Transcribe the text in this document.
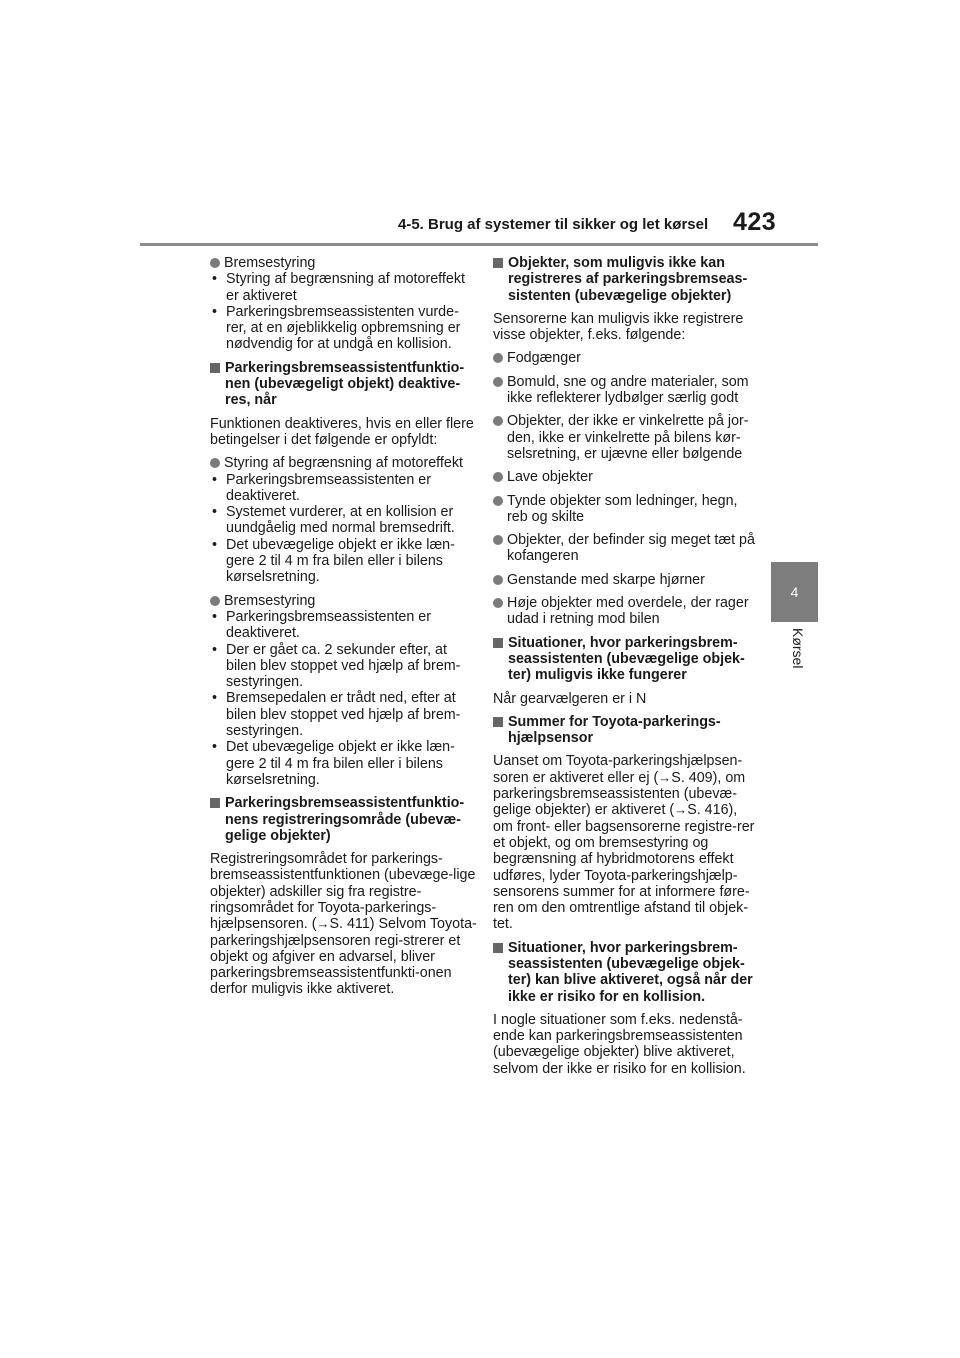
4-5. Brug af systemer til sikker og let kørsel 423
4
Kørsel
Bremsestyring
• Styring af begrænsning af motoreffekt er aktiveret
• Parkeringsbremseassistenten vurde-rer, at en øjeblikkelig opbremsning er nødvendig for at undgå en kollision.
Parkeringsbremseassistentfunktio-nen (ubevægeligt objekt) deaktive-res, når
Funktionen deaktiveres, hvis en eller flere betingelser i det følgende er opfyldt:
Styring af begrænsning af motoreffekt
• Parkeringsbremseassistenten er deaktiveret.
• Systemet vurderer, at en kollision er uundgåelig med normal bremsedrift.
• Det ubevægelige objekt er ikke læn-gere 2 til 4 m fra bilen eller i bilens kørselsretning.
Bremsestyring
• Parkeringsbremseassistenten er deaktiveret.
• Der er gået ca. 2 sekunder efter, at bilen blev stoppet ved hjælp af brem-sestyringen.
• Bremsepedalen er trådt ned, efter at bilen blev stoppet ved hjælp af brem-sestyringen.
• Det ubevægelige objekt er ikke læn-gere 2 til 4 m fra bilen eller i bilens kørselsretning.
Parkeringsbremseassistentfunktio-nens registreringsområde (ubevæ-gelige objekter)
Registreringsområdet for parkerings-bremseassistentfunktionen (ubevæge-lige objekter) adskiller sig fra registre-ringsområdet for Toyota-parkerings-hjælpsensoren. (→S. 411) Selvom Toyota-parkeringshjælpsensoren regi-strerer et objekt og afgiver en advarsel, bliver parkeringsbremseassistentfunkti-onen derfor muligvis ikke aktiveret.
Objekter, som muligvis ikke kan registreres af parkeringsbremseas-sistenten (ubevægelige objekter)
Sensorerne kan muligvis ikke registrere visse objekter, f.eks. følgende:
Fodgænger
Bomuld, sne og andre materialer, som ikke reflekterer lydbølger særlig godt
Objekter, der ikke er vinkelrette på jor-den, ikke er vinkelrette på bilens kør-selsretning, er ujævne eller bølgende
Lave objekter
Tynde objekter som ledninger, hegn, reb og skilte
Objekter, der befinder sig meget tæt på kofangeren
Genstande med skarpe hjørner
Høje objekter med overdele, der rager udad i retning mod bilen
Situationer, hvor parkeringsbrem-seassistenten (ubevægelige objek-ter) muligvis ikke fungerer
Når gearvælgeren er i N
Summer for Toyota-parkerings-hjælpsensor
Uanset om Toyota-parkeringshjælpsen-soren er aktiveret eller ej (→S. 409), om parkeringsbremseassistenten (ubevæ-gelige objekter) er aktiveret (→S. 416), om front- eller bagsensorerne registre-rer et objekt, og om bremsestyring og begrænsning af hybridmotorens effekt udføres, lyder Toyota-parkeringshjælp-sensorens summer for at informere føre-ren om den omtrentlige afstand til objek-tet.
Situationer, hvor parkeringsbrem-seassistenten (ubevægelige objek-ter) kan blive aktiveret, også når der ikke er risiko for en kollision.
I nogle situationer som f.eks. nedenstå-ende kan parkeringsbremseassistenten (ubevægelige objekter) blive aktiveret, selvom der ikke er risiko for en kollision.
